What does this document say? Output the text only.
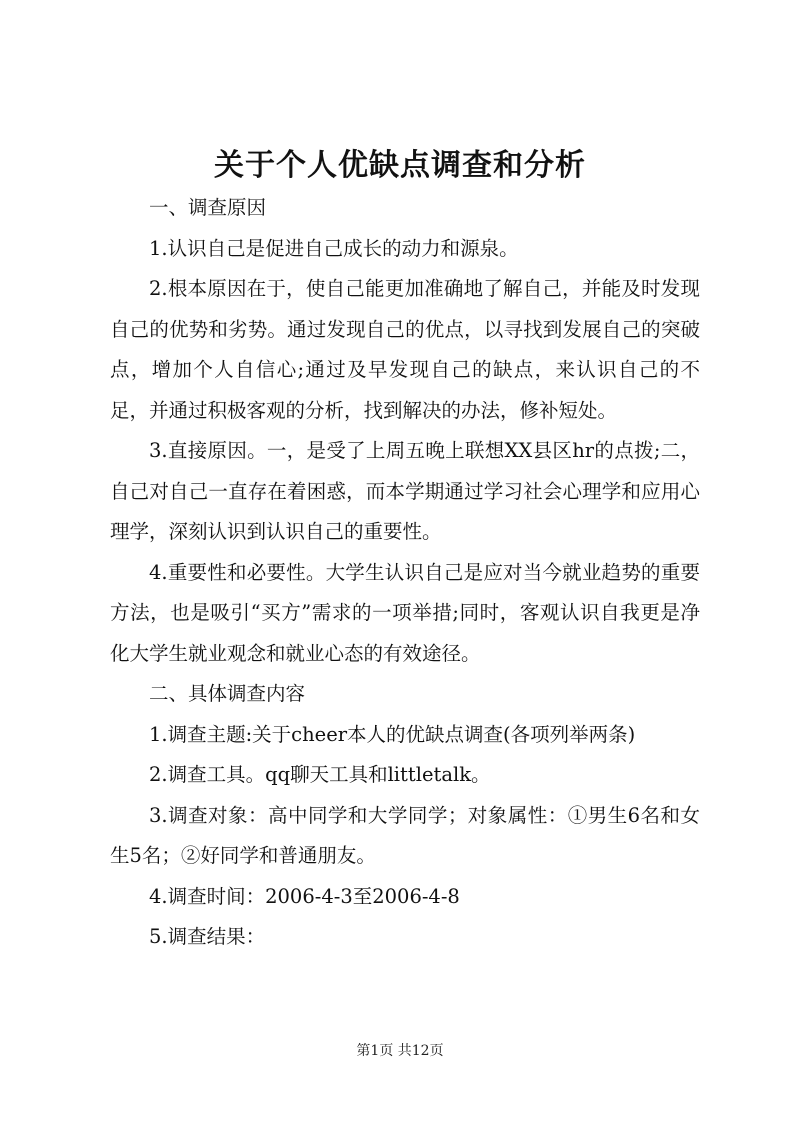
关于个人优缺点调查和分析

一、调查原因

1.认识自己是促进自己成长的动力和源泉。

2.根本原因在于，使自己能更加准确地了解自己，并能及时发现自己的优势和劣势。通过发现自己的优点，以寻找到发展自己的突破点，增加个人自信心;通过及早发现自己的缺点，来认识自己的不足，并通过积极客观的分析，找到解决的办法，修补短处。

3.直接原因。一，是受了上周五晚上联想XX县区hr的点拨;二，自己对自己一直存在着困惑，而本学期通过学习社会心理学和应用心理学，深刻认识到认识自己的重要性。

4.重要性和必要性。大学生认识自己是应对当今就业趋势的重要方法，也是吸引“买方”需求的一项举措;同时，客观认识自我更是净化大学生就业观念和就业心态的有效途径。

二、具体调查内容

1.调查主题:关于cheer本人的优缺点调查(各项列举两条)

2.调查工具。qq聊天工具和littletalk。

3.调查对象：高中同学和大学同学；对象属性：①男生6名和女生5名；②好同学和普通朋友。

4.调查时间：2006-4-3至2006-4-8

5.调查结果：

第1页 共12页
